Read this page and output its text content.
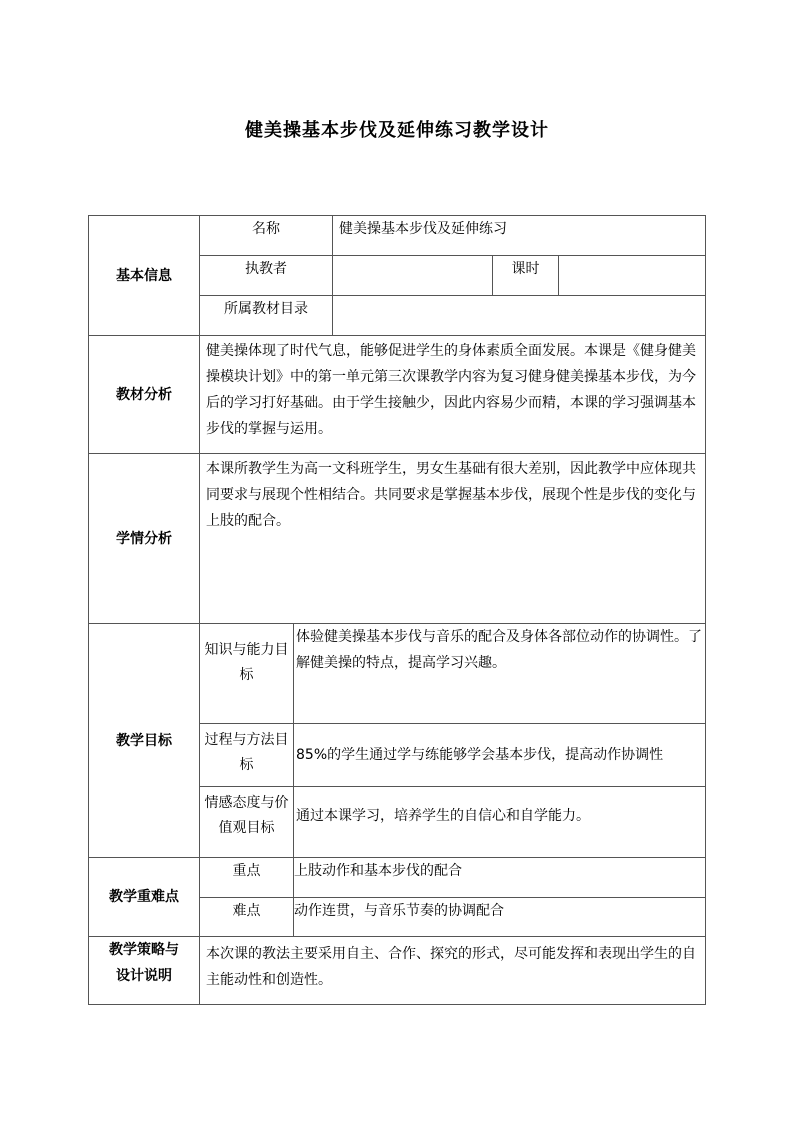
健美操基本步伐及延伸练习教学设计
基本信息	名称		健美操基本步伐及延伸练习		
	执教者			课时	
	所属教材目录				
教材分析	健美操体现了时代气息，能够促进学生的身体素质全面发展。本课是《健身健美操模块计划》中的第一单元第三次课教学内容为复习健身健美操基本步伐，为今后的学习打好基础。由于学生接触少，因此内容易少而精，本课的学习强调基本步伐的掌握与运用。				
学情分析	本课所教学生为高一文科班学生，男女生基础有很大差别，因此教学中应体现共同要求与展现个性相结合。共同要求是掌握基本步伐，展现个性是步伐的变化与上肢的配合。				
教学目标	知识与能力目标	体验健美操基本步伐与音乐的配合及身体各部位动作的协调性。了解健美操的特点，提高学习兴趣。			
	过程与方法目标	85%的学生通过学与练能够学会基本步伐，提高动作协调性			
	情感态度与价值观目标	通过本课学习，培养学生的自信心和自学能力。			
教学重难点	重点	上肢动作和基本步伐的配合			
	难点	动作连贯，与音乐节奏的协调配合			
教学策略与设计说明	本次课的教法主要采用自主、合作、探究的形式，尽可能发挥和表现出学生的自主能动性和创造性。				
